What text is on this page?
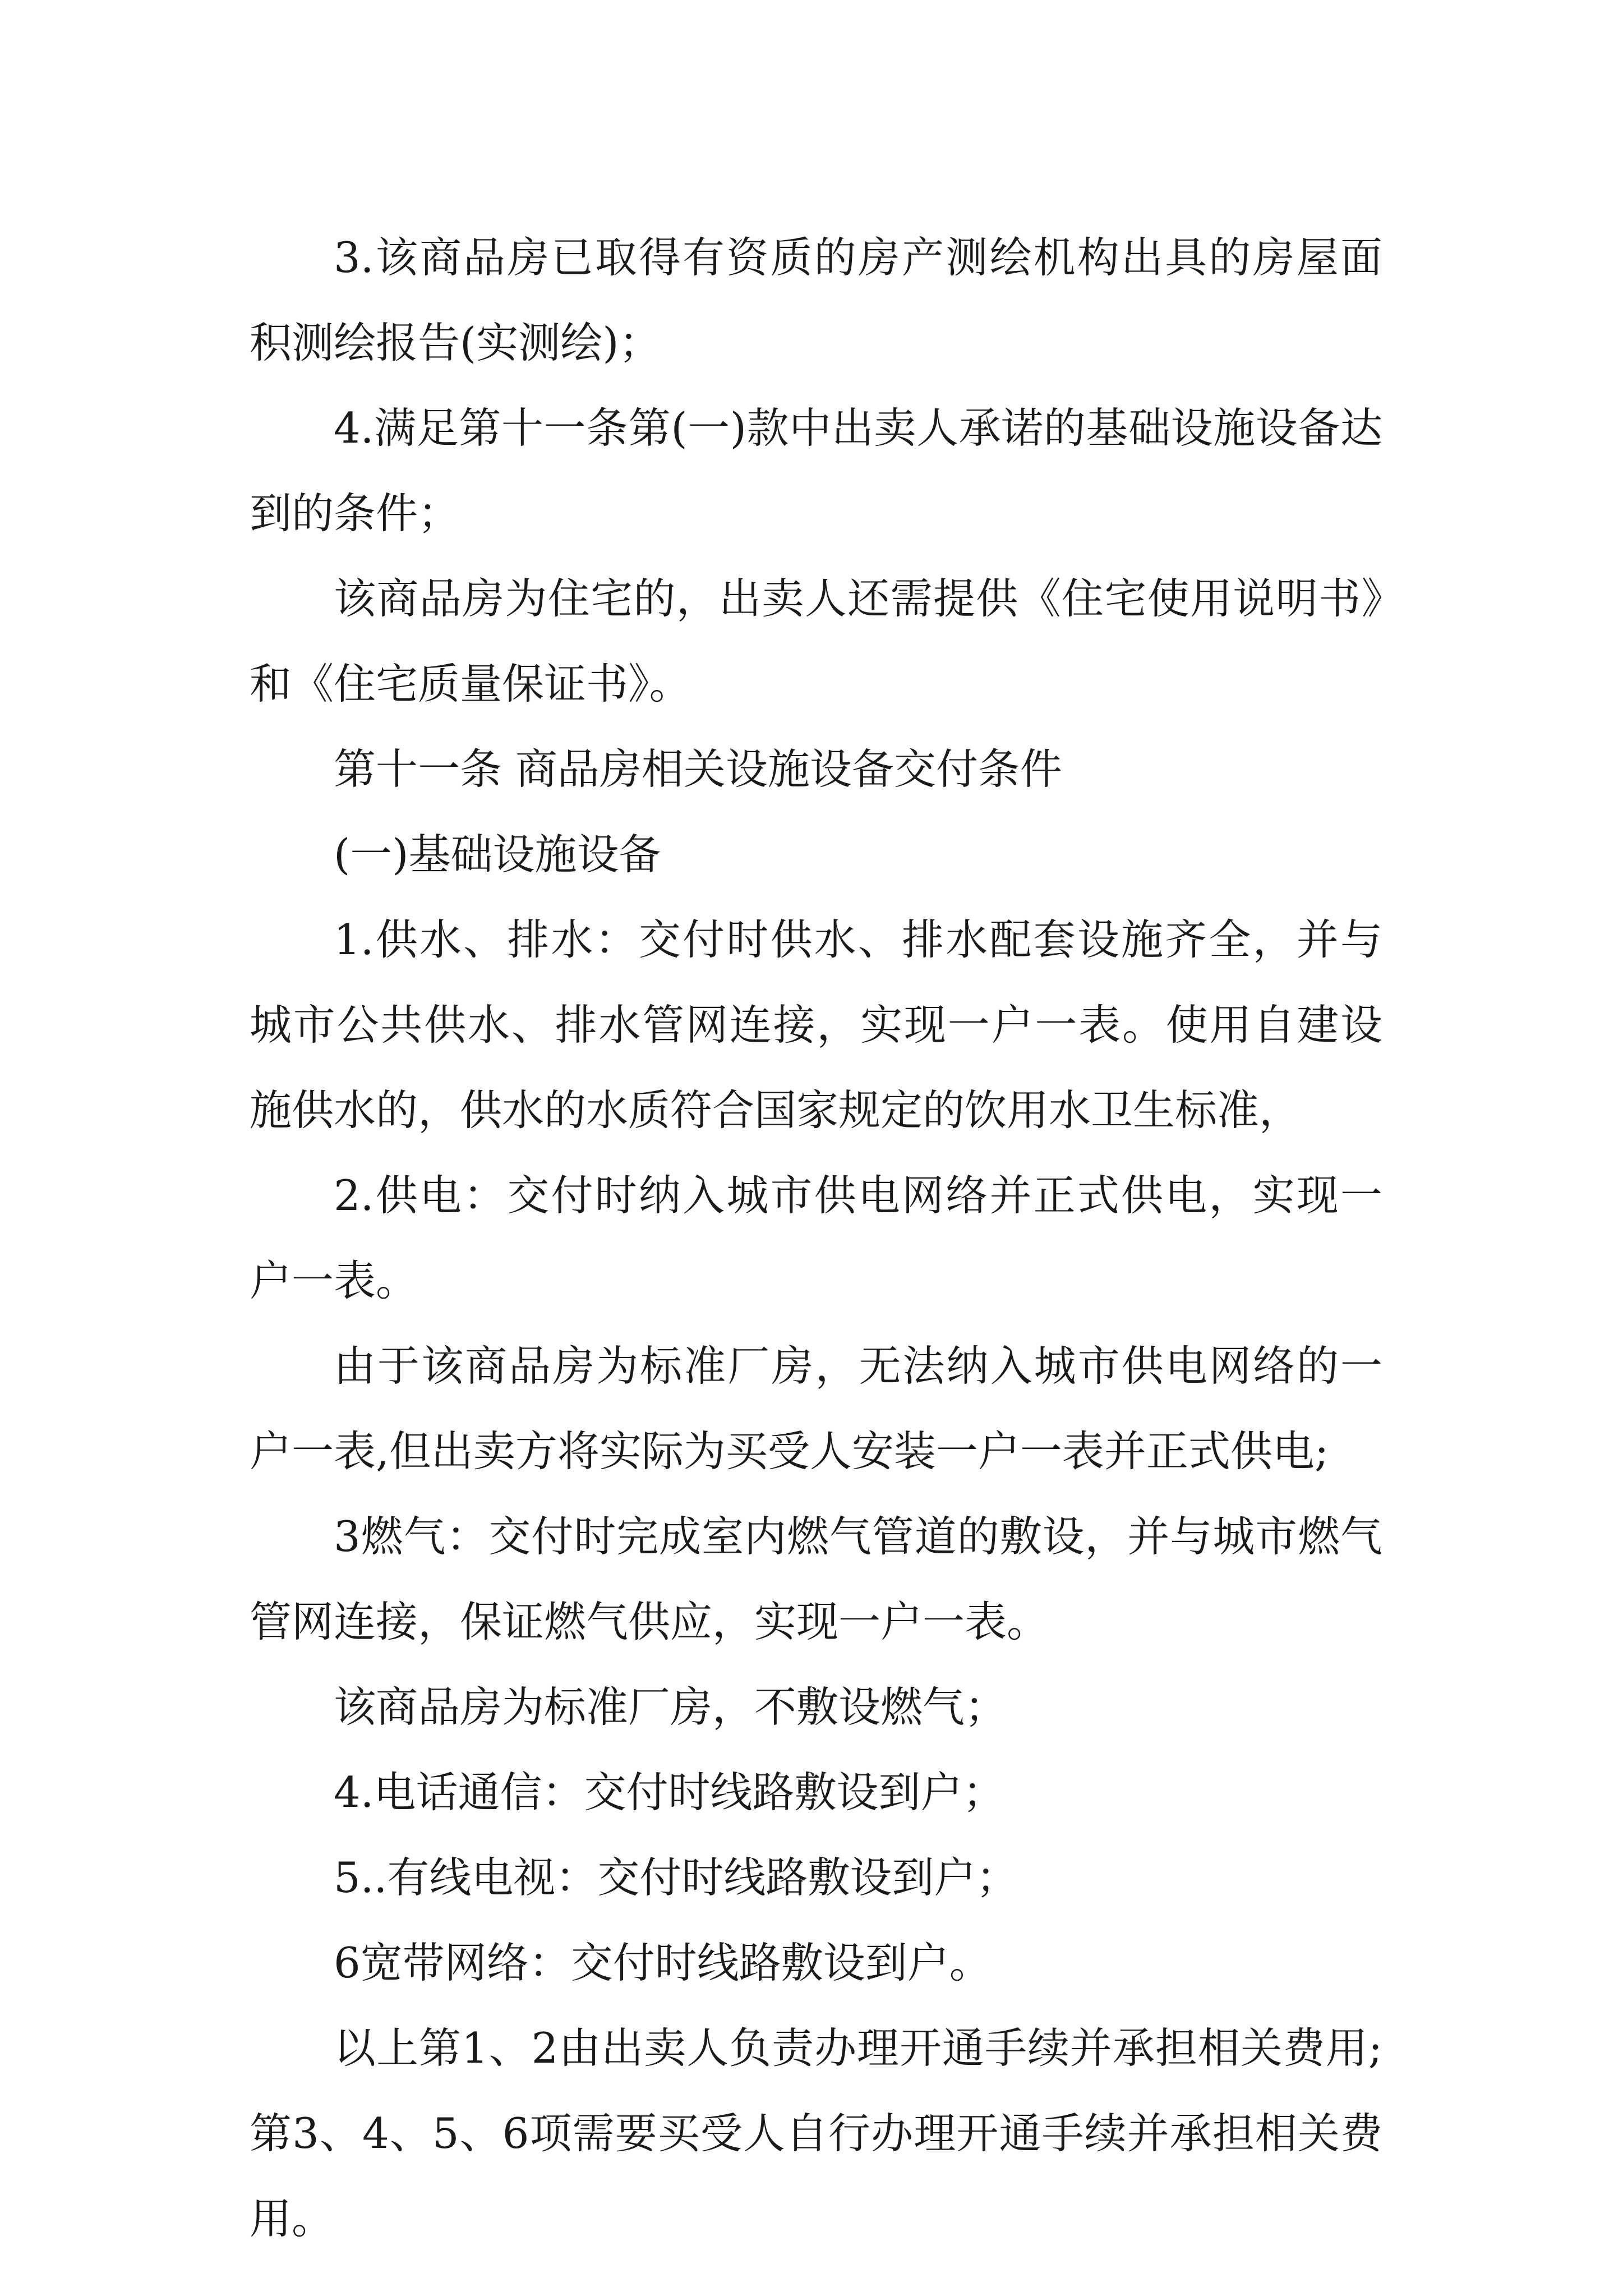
3.该商品房已取得有资质的房产测绘机构出具的房屋面积测绘报告(实测绘)；

4.满足第十一条第(一)款中出卖人承诺的基础设施设备达到的条件；

该商品房为住宅的，出卖人还需提供《住宅使用说明书》和《住宅质量保证书》。

第十一条 商品房相关设施设备交付条件

(一)基础设施设备

1.供水、排水：交付时供水、排水配套设施齐全，并与城市公共供水、排水管网连接，实现一户一表。使用自建设施供水的，供水的水质符合国家规定的饮用水卫生标准，

2.供电：交付时纳入城市供电网络并正式供电，实现一户一表。

由于该商品房为标准厂房，无法纳入城市供电网络的一户一表,但出卖方将实际为买受人安装一户一表并正式供电;

3燃气：交付时完成室内燃气管道的敷设，并与城市燃气管网连接，保证燃气供应，实现一户一表。

该商品房为标准厂房，不敷设燃气；

4.电话通信：交付时线路敷设到户；

5..有线电视：交付时线路敷设到户；

6宽带网络：交付时线路敷设到户。

以上第1、2由出卖人负责办理开通手续并承担相关费用;第3、4、5、6项需要买受人自行办理开通手续并承担相关费用。
